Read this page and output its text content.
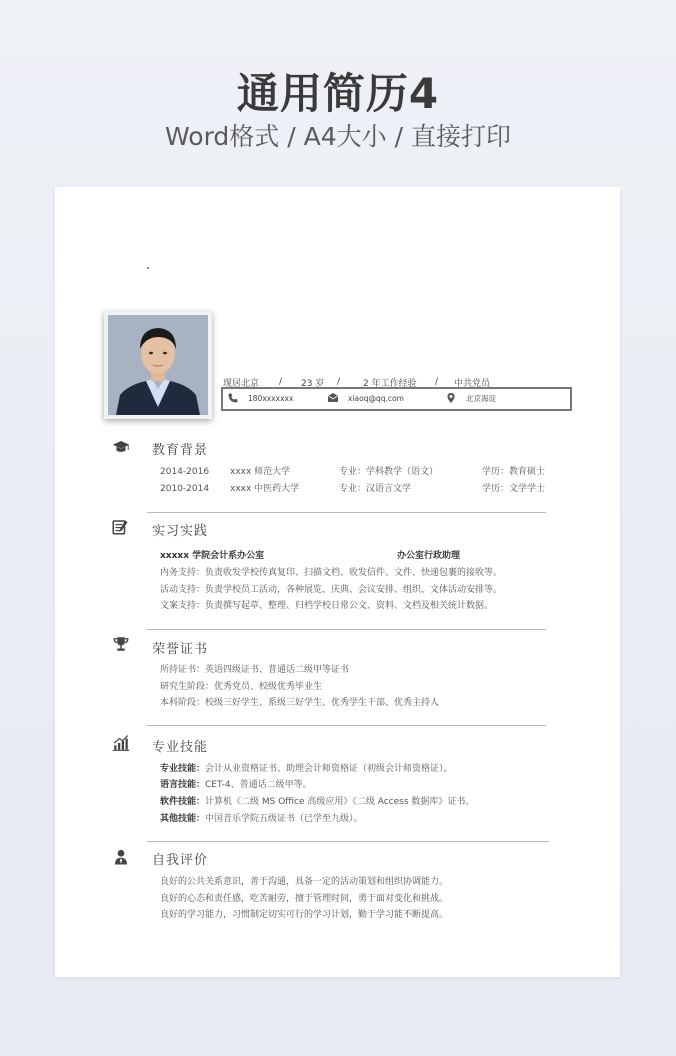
通用简历4
Word格式 / A4大小 / 直接打印
现居北京 / 23 岁 /	2 年工作经验 / 中共党员
180xxxxxxx	xiaoq@qq.com	北京海淀
教育背景
2014-2016 xxxx 师范大学	专业：学科教学（语文）	学历：教育硕士
2010-2014 xxxx 中医药大学	专业：汉语言文学	学历：文学学士
实习实践
xxxxx 学院会计系办公室	办公室行政助理
内务支持：负责收发学校传真复印、扫描文档、收发信件、文件、快递包裹的接收等。
活动支持：负责学校员工活动，各种展览、庆典、会议安排、组织、文体活动安排等。
文案支持：负责撰写起草、整理、归档学校日常公文、资料、文档及相关统计数据。
荣誉证书
所持证书：英语四级证书、普通话二级甲等证书
研究生阶段：优秀党员、校级优秀毕业生
本科阶段：校级三好学生、系级三好学生、优秀学生干部、优秀主持人
专业技能
专业技能：会计从业资格证书、助理会计师资格证（初级会计师资格证）。
语言技能：CET-4、普通话二级甲等。
软件技能：计算机《二级 MS Office 高级应用》《二级 Access 数据库》证书。
其他技能：中国音乐学院五级证书（已学至九级）。
自我评价
良好的公共关系意识，善于沟通，具备一定的活动策划和组织协调能力。
良好的心态和责任感，吃苦耐劳，擅于管理时间，勇于面对变化和挑战。
良好的学习能力，习惯制定切实可行的学习计划，勤于学习能不断提高。
